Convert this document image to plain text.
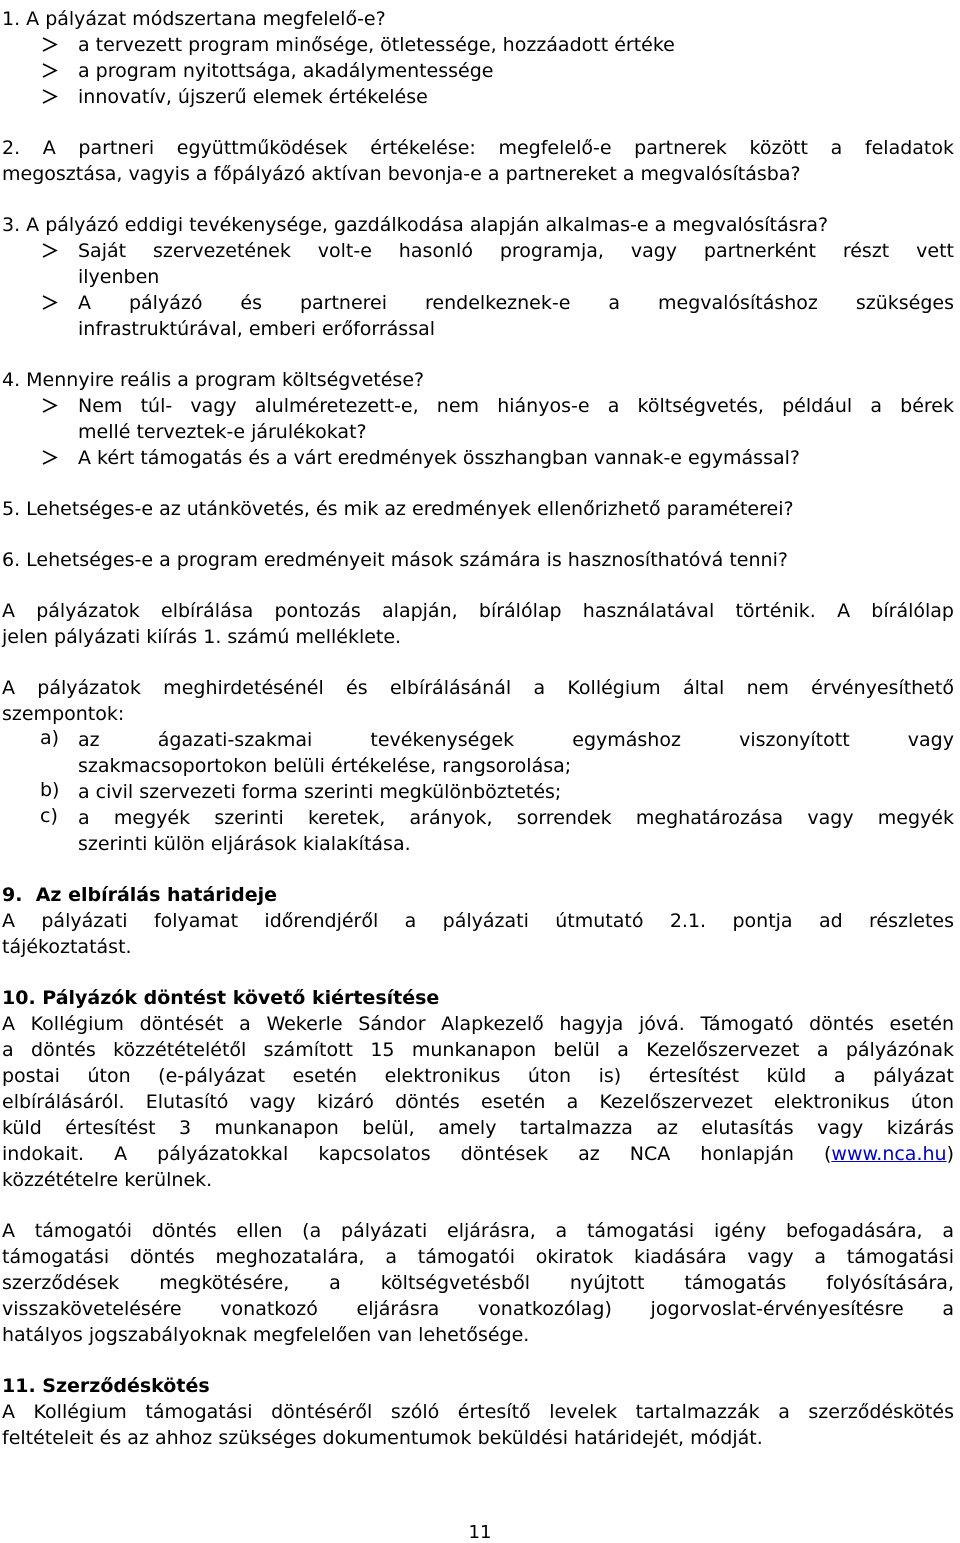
1. A pályázat módszertana megfelelő-e?

a tervezett program minősége, ötletessége, hozzáadott értéke

a program nyitottsága, akadálymentessége

innovatív, újszerű elemek értékelése

2. A partneri együttműködések értékelése: megfelelő-e partnerek között a feladatok

megosztása, vagyis a főpályázó aktívan bevonja-e a partnereket a megvalósításba?

3. A pályázó eddigi tevékenysége, gazdálkodása alapján alkalmas-e a megvalósításra?

Saját szervezetének volt-e hasonló programja, vagy partnerként részt vett

ilyenben

A pályázó és partnerei rendelkeznek-e a megvalósításhoz szükséges

infrastruktúrával, emberi erőforrással

4. Mennyire reális a program költségvetése?

Nem túl- vagy alulméretezett-e, nem hiányos-e a költségvetés, például a bérek

mellé terveztek-e járulékokat?

A kért támogatás és a várt eredmények összhangban vannak-e egymással?

5. Lehetséges-e az utánkövetés, és mik az eredmények ellenőrizhető paraméterei?

6. Lehetséges-e a program eredményeit mások számára is hasznosíthatóvá tenni?

A pályázatok elbírálása pontozás alapján, bírálólap használatával történik. A bírálólap

jelen pályázati kiírás 1. számú melléklete.

A pályázatok meghirdetésénél és elbírálásánál a Kollégium által nem érvényesíthető

szempontok:

a) az ágazati-szakmai tevékenységek egymáshoz viszonyított vagy

szakmacsoportokon belüli értékelése, rangsorolása;

b) a civil szervezeti forma szerinti megkülönböztetés;

c) a megyék szerinti keretek, arányok, sorrendek meghatározása vagy megyék

szerinti külön eljárások kialakítása.

9. Az elbírálás határideje

A pályázati folyamat időrendjéről a pályázati útmutató 2.1. pontja ad részletes

tájékoztatást.

10. Pályázók döntést követő kiértesítése

A Kollégium döntését a Wekerle Sándor Alapkezelő hagyja jóvá. Támogató döntés esetén

a döntés közzétételétől számított 15 munkanapon belül a Kezelőszervezet a pályázónak

postai úton (e-pályázat esetén elektronikus úton is) értesítést küld a pályázat

elbírálásáról. Elutasító vagy kizáró döntés esetén a Kezelőszervezet elektronikus úton

küld értesítést 3 munkanapon belül, amely tartalmazza az elutasítás vagy kizárás

indokait. A pályázatokkal kapcsolatos döntések az NCA honlapján (www.nca.hu)

közzétételre kerülnek.

A támogatói döntés ellen (a pályázati eljárásra, a támogatási igény befogadására, a

támogatási döntés meghozatalára, a támogatói okiratok kiadására vagy a támogatási

szerződések megkötésére, a költségvetésből nyújtott támogatás folyósítására,

visszakövetelésére vonatkozó eljárásra vonatkozólag) jogorvoslat-érvényesítésre a

hatályos jogszabályoknak megfelelően van lehetősége.

11. Szerződéskötés

A Kollégium támogatási döntéséről szóló értesítő levelek tartalmazzák a szerződéskötés

feltételeit és az ahhoz szükséges dokumentumok beküldési határidejét, módját.

11
